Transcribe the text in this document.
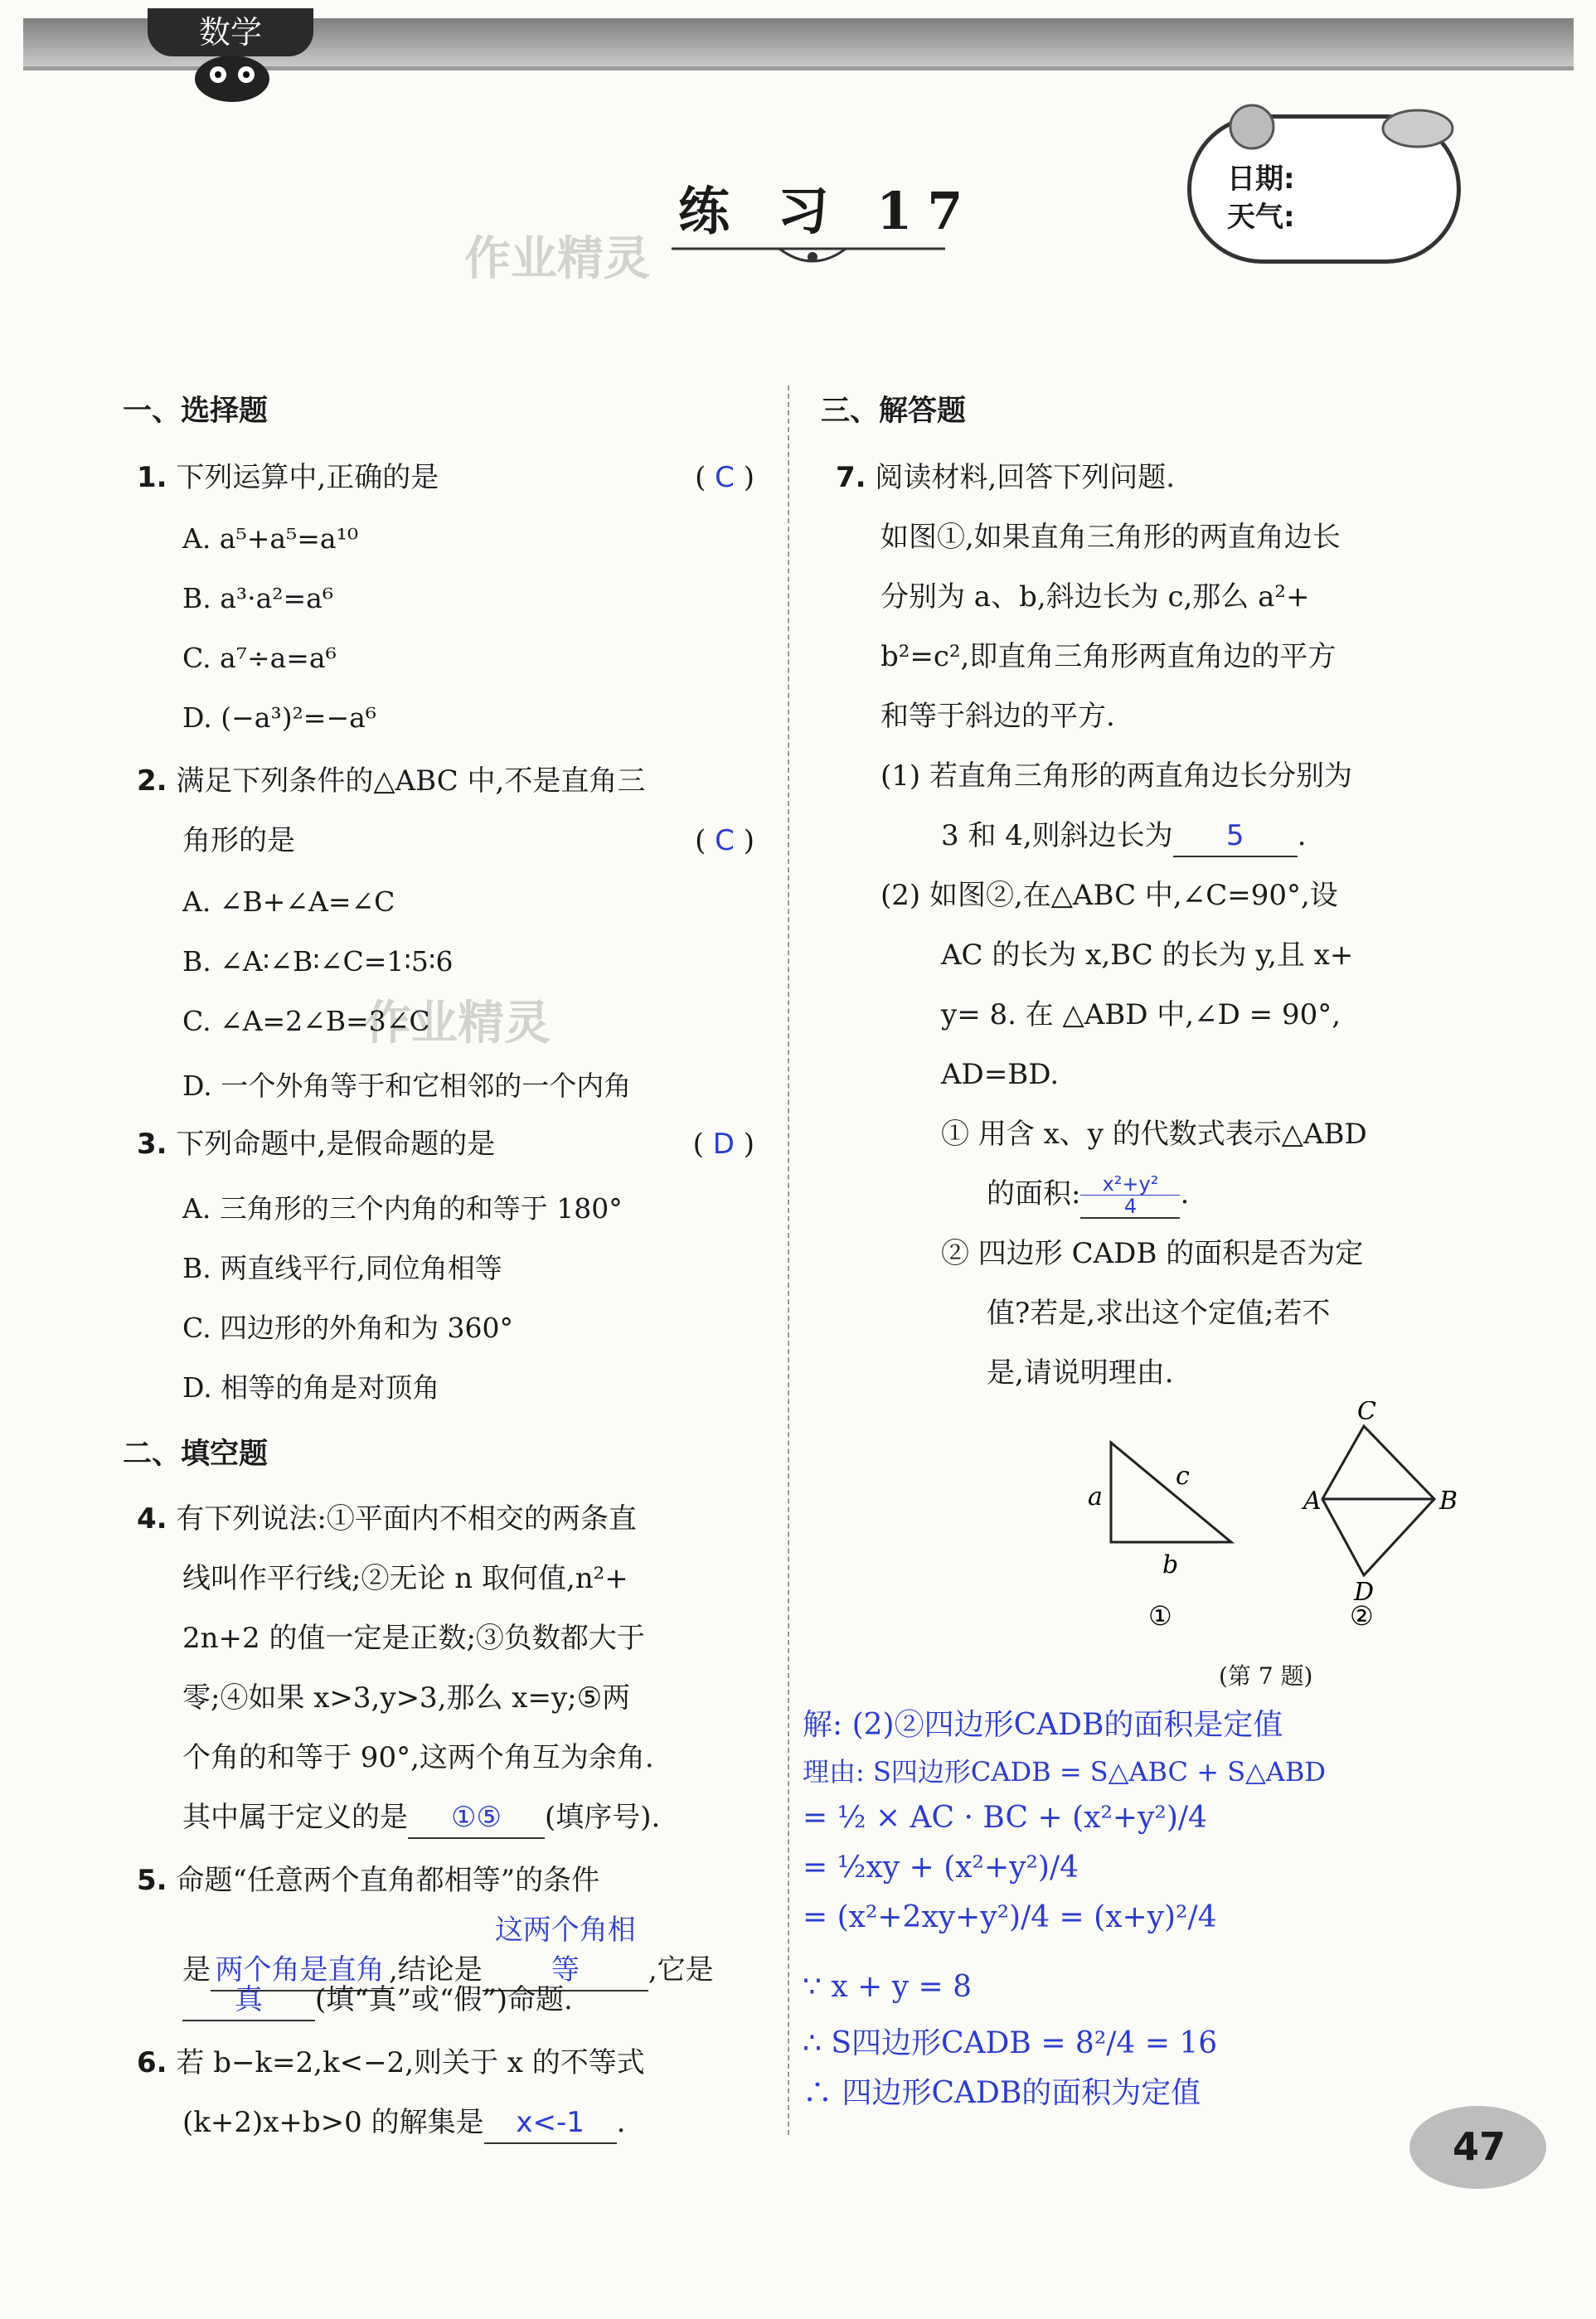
数学
练 习 17
作业精灵
作业精灵
日期:
天气:
一、选择题
1. 下列运算中,正确的是	( C )
A. a⁵+a⁵=a¹⁰
B. a³·a²=a⁶
C. a⁷÷a=a⁶
D. (−a³)²=−a⁶
2. 满足下列条件的△ABC 中,不是直角三
角形的是	( C )
A. ∠B+∠A=∠C
B. ∠A∶∠B∶∠C=1∶5∶6
C. ∠A=2∠B=3∠C
D. 一个外角等于和它相邻的一个内角
3. 下列命题中,是假命题的是	( D )
A. 三角形的三个内角的和等于 180°
B. 两直线平行,同位角相等
C. 四边形的外角和为 360°
D. 相等的角是对顶角
二、填空题
4. 有下列说法:①平面内不相交的两条直
线叫作平行线;②无论 n 取何值,n²+
2n+2 的值一定是正数;③负数都大于
零;④如果 x>3,y>3,那么 x=y;⑤两
个角的和等于 90°,这两个角互为余角.
其中属于定义的是 ①⑤ (填序号).
5. 命题“任意两个直角都相等”的条件
是 两个角是直角 ,结论是这两个角相等 ,它是
真 (填“真”或“假”)命题.
6. 若 b−k=2,k<−2,则关于 x 的不等式
(k+2)x+b>0 的解集是 x<-1 .
三、解答题
7. 阅读材料,回答下列问题.
如图①,如果直角三角形的两直角边长
分别为 a、b,斜边长为 c,那么 a²+
b²=c²,即直角三角形两直角边的平方
和等于斜边的平方.
(1) 若直角三角形的两直角边长分别为
3 和 4,则斜边长为 5 .
(2) 如图②,在△ABC 中,∠C=90°,设
AC 的长为 x,BC 的长为 y,且 x+
y= 8. 在 △ABD 中,∠D = 90°,
AD=BD.
① 用含 x、y 的代数式表示△ABD
的面积: $\frac{\text{x²+y²}}{4}$ .
② 四边形 CADB 的面积是否为定
值?若是,求出这个定值;若不
是,请说明理由.
a
b
c
①
A	B
C
D
②
(第 7 题)
解: (2)②四边形CADB的面积是定值
理由: S四边形CADB = S△ABC + S△ABD
= ½ × AC · BC + (x²+y²)/4
= ½xy + (x²+y²)/4
= (x²+2xy+y²)/4 = (x+y)²/4
∵ x + y = 8
∴ S四边形CADB = 8²/4 = 16
∴ 四边形CADB的面积为定值
47
